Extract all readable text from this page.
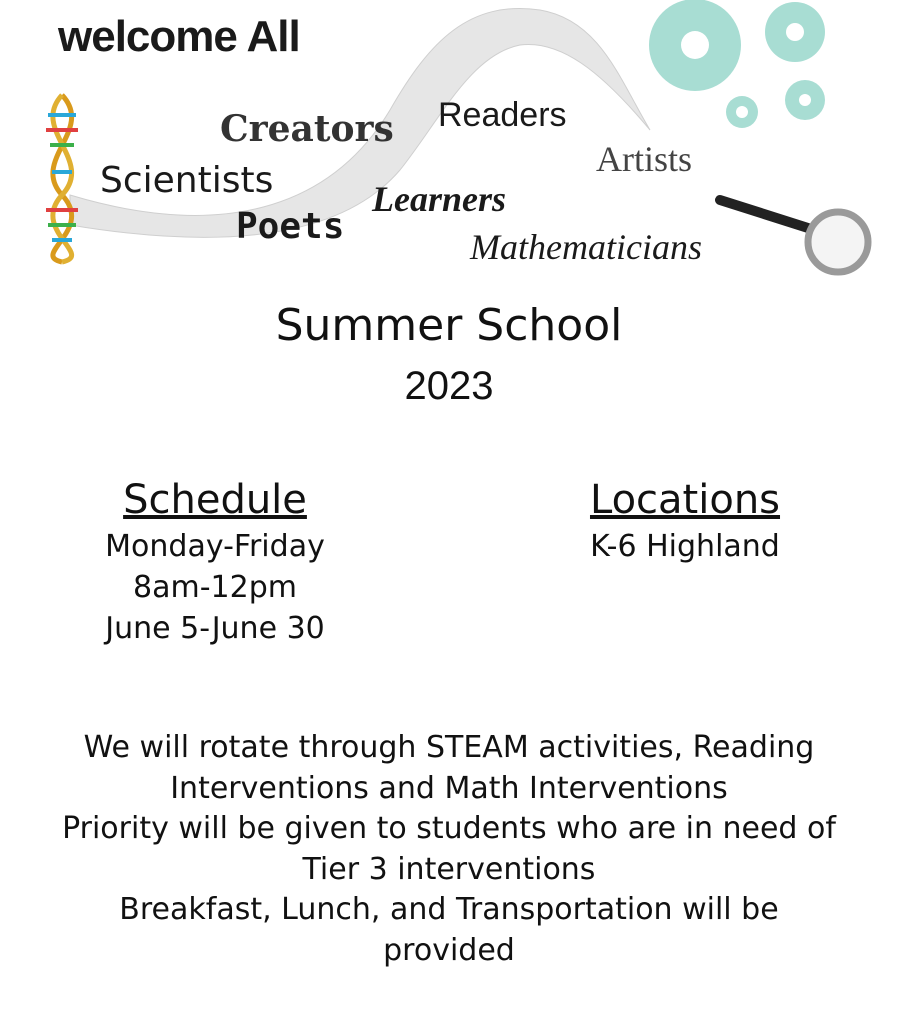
welcome All
Creators Readers
Artists
Scientists	Learners
Poets	Mathematicians
Summer School
2023
Schedule
Monday-Friday
8am-12pm
June 5-June 30
Locations
K-6 Highland
We will rotate through STEAM activities, Reading
Interventions and Math Interventions
Priority will be given to students who are in need of
Tier 3 interventions
Breakfast, Lunch, and Transportation will be
provided
